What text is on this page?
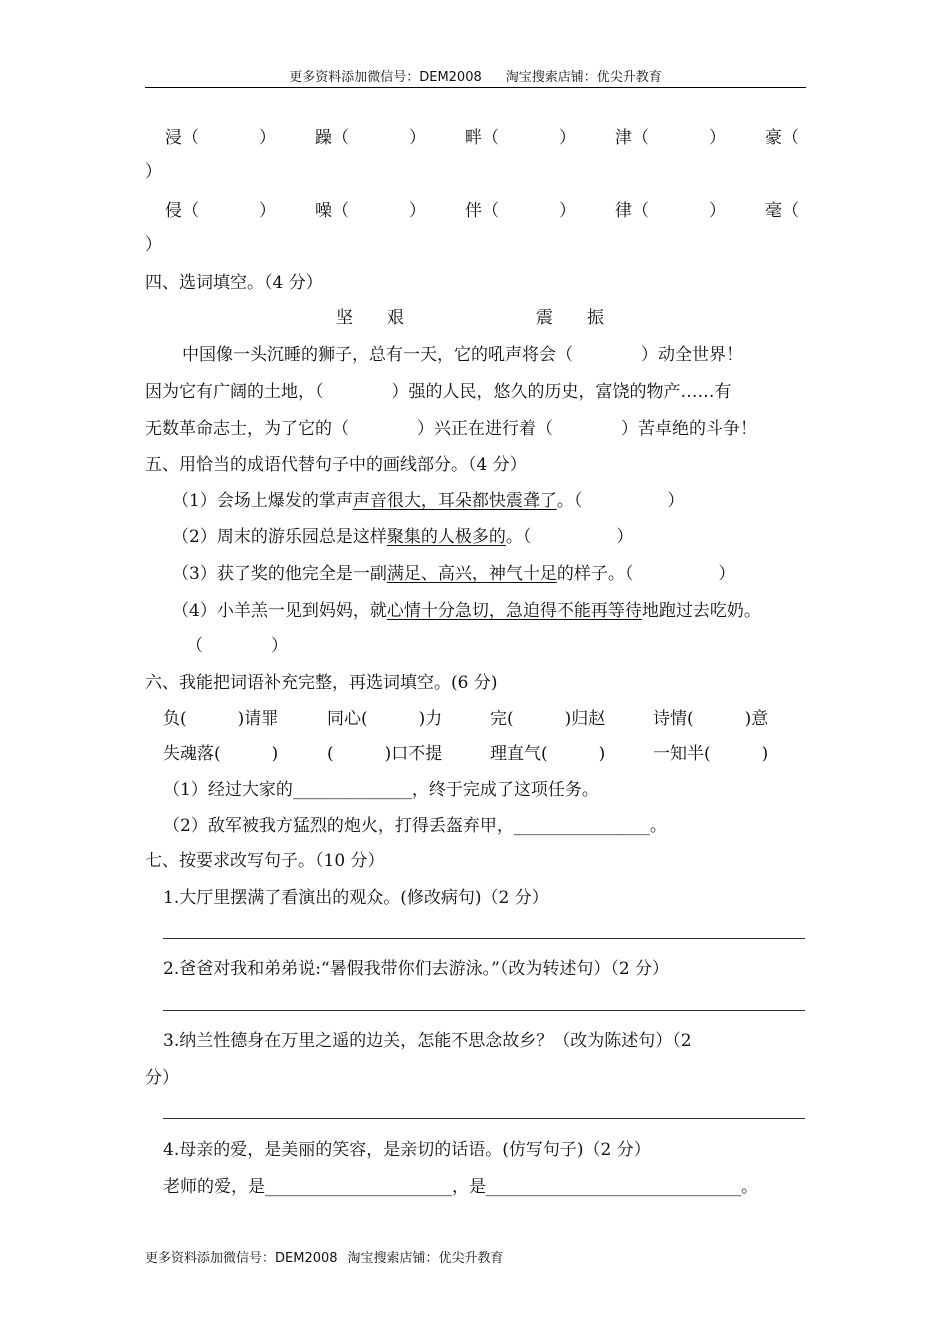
更多资料添加微信号：DEM2008 淘宝搜索店铺：优尖升教育
浸（	） 躁（	） 畔（	） 津（	） 豪（
）
侵（	） 噪（	） 伴（	） 律（	） 毫（
）
四、选词填空。（4 分）
坚　　艰	震　　振
中国像一头沉睡的狮子，总有一天，它的吼声将会（　　　　）动全世界！
因为它有广阔的土地，（　　　　）强的人民，悠久的历史，富饶的物产……有
无数革命志士，为了它的（　　　　）兴正在进行着（　　　　）苦卓绝的斗争！
五、用恰当的成语代替句子中的画线部分。（4 分）
（1）会场上爆发的掌声声音很大，耳朵都快震聋了。（　　　　　）
（2）周末的游乐园总是这样聚集的人极多的。（　　　　　）
（3）获了奖的他完全是一副满足、高兴，神气十足的样子。（　　　　　）
（4）小羊羔一见到妈妈，就心情十分急切，急迫得不能再等待地跑过去吃奶。
（　　　　）
六、我能把词语补充完整，再选词填空。(6 分)
负(　　　)请罪	同心(　　　)力	完(　　　)归赵	诗情(　　　)意
失魂落(　　　)	(　　　)口不提	理直气(　　　)	一知半(　　　)
（1）经过大家的______________，终于完成了这项任务。
（2）敌军被我方猛烈的炮火，打得丢盔弃甲，________________。
七、按要求改写句子。（10 分）
1.大厅里摆满了看演出的观众。(修改病句)（2 分）
2.爸爸对我和弟弟说:“暑假我带你们去游泳。”（改为转述句）（2 分）
3.纳兰性德身在万里之遥的边关，怎能不思念故乡？（改为陈述句）（2
分）
4.母亲的爱，是美丽的笑容，是亲切的话语。(仿写句子)（2 分）
老师的爱，是______________________，是______________________________。
更多资料添加微信号：DEM2008 淘宝搜索店铺：优尖升教育
